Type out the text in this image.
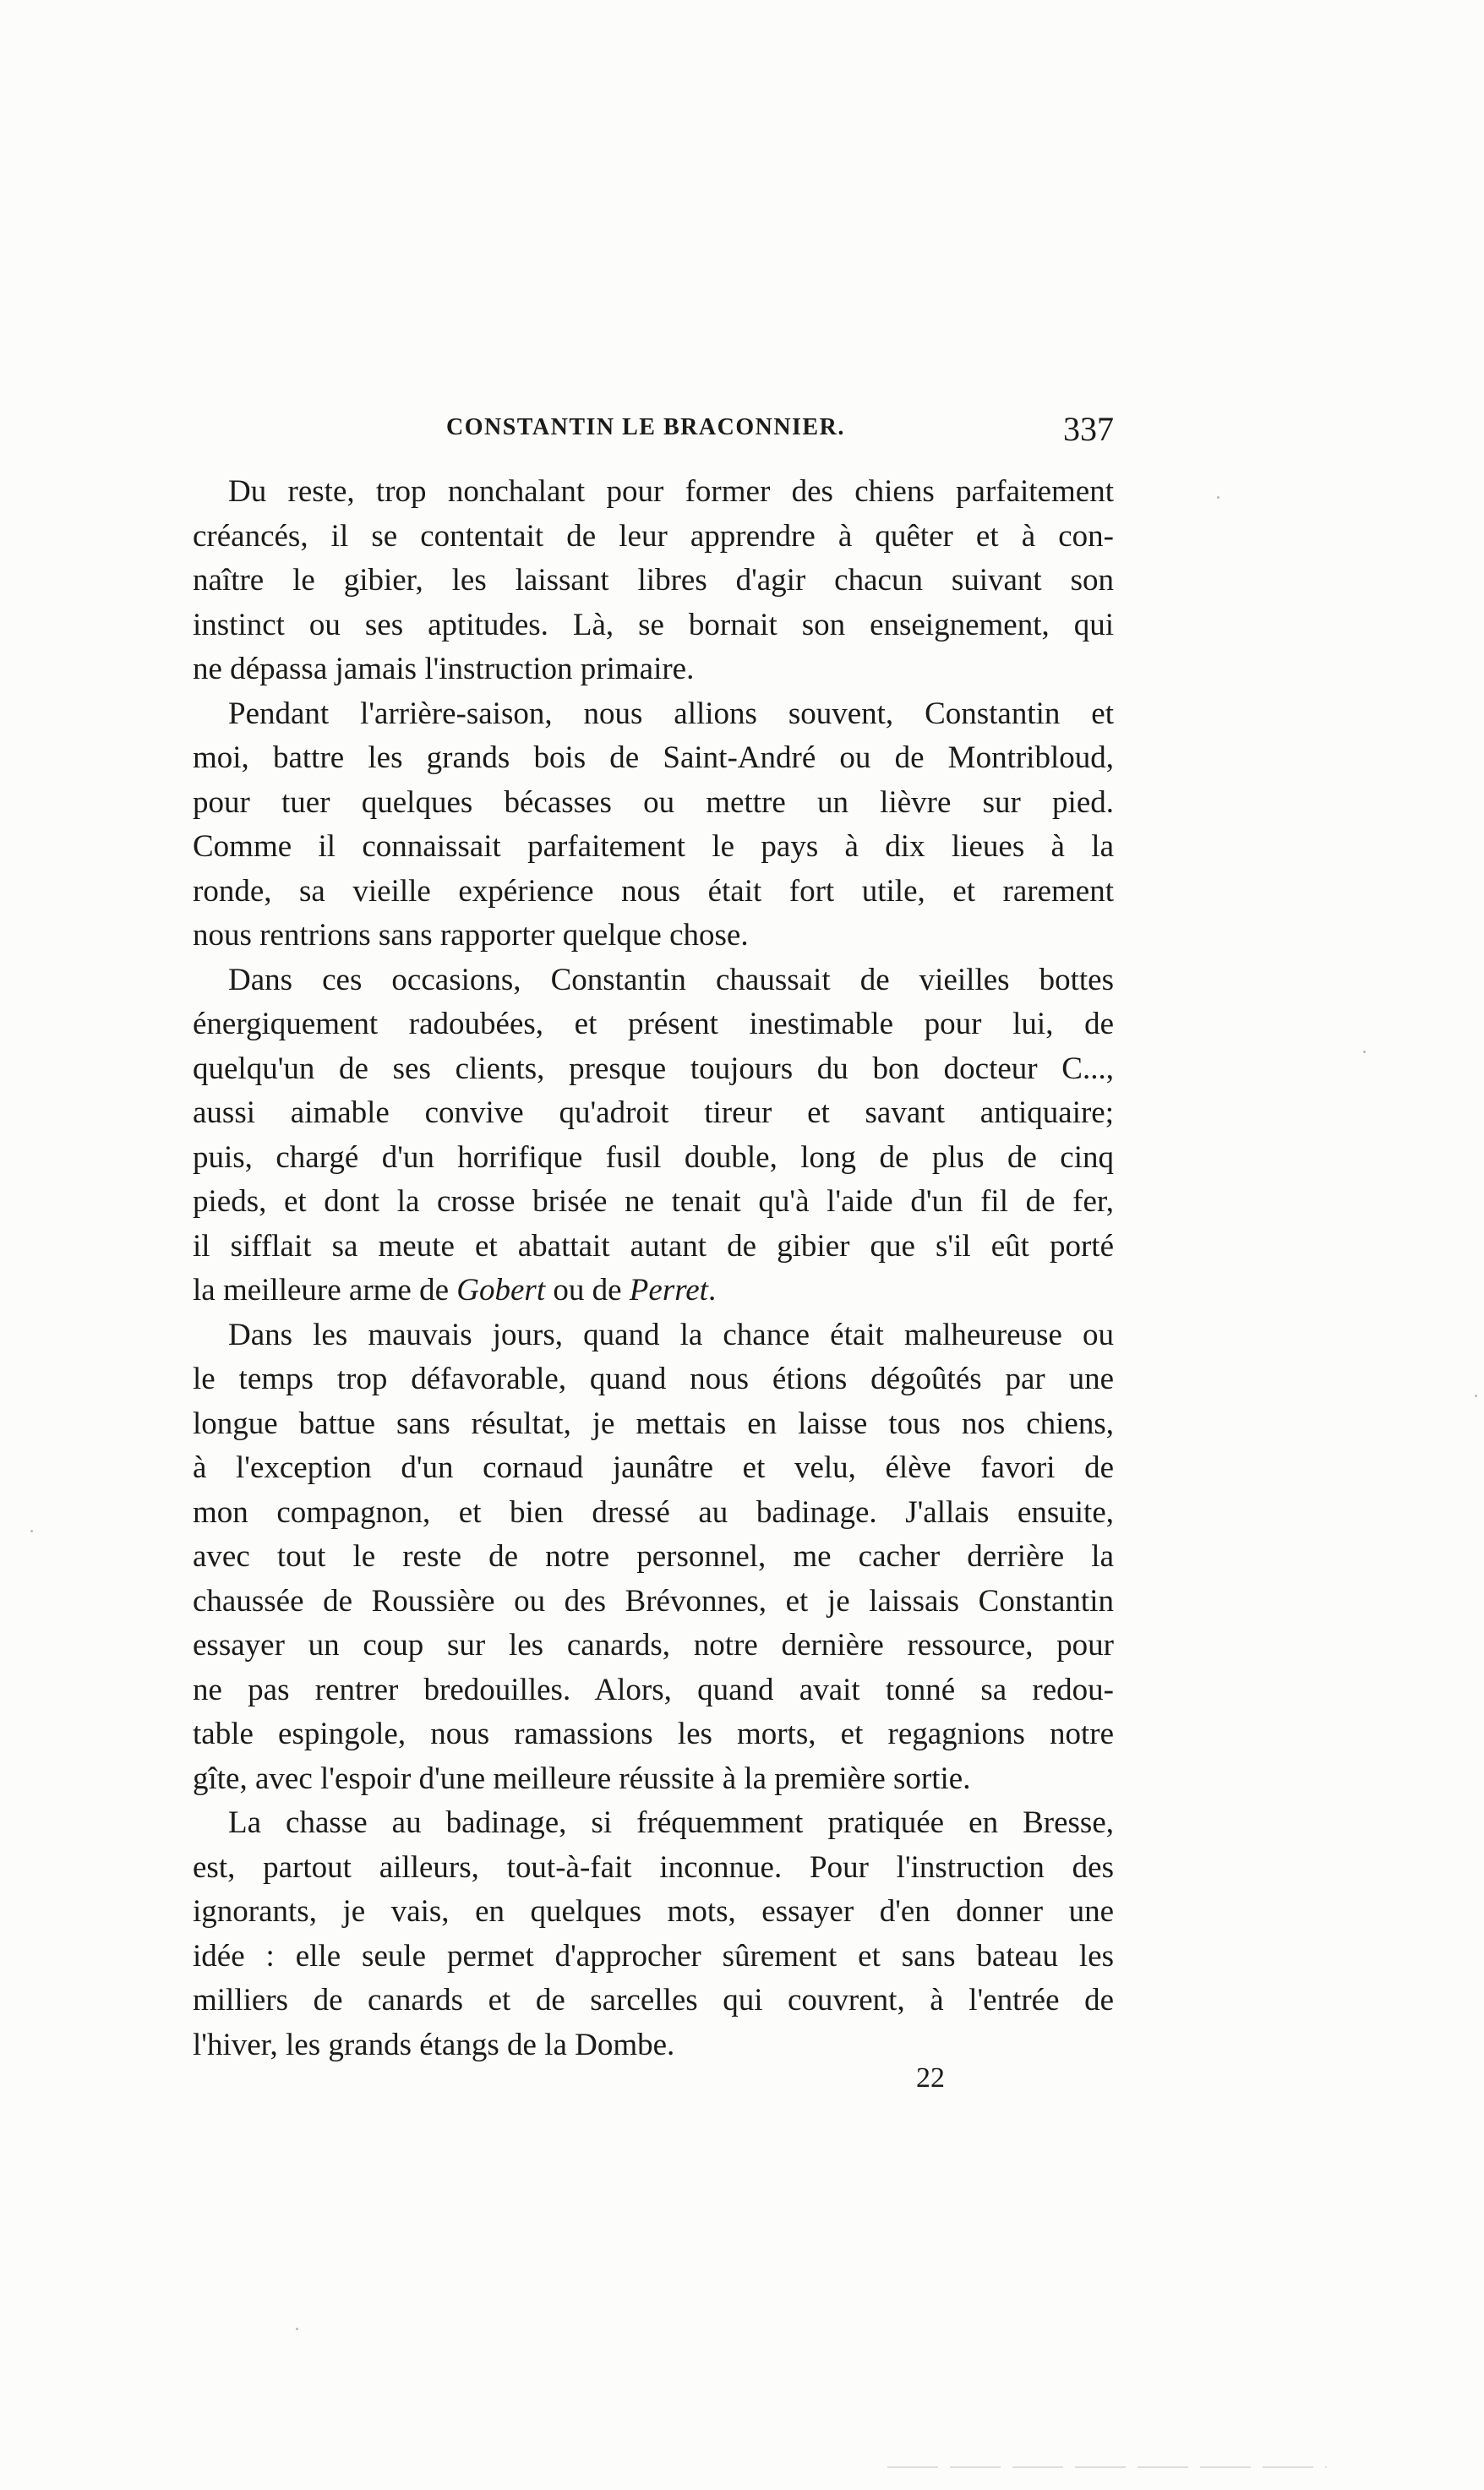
CONSTANTIN LE BRACONNIER.	337
Du reste, trop nonchalant pour former des chiens parfaitement
créancés, il se contentait de leur apprendre à quêter et à con-
naître le gibier, les laissant libres d'agir chacun suivant son
instinct ou ses aptitudes. Là, se bornait son enseignement, qui
ne dépassa jamais l'instruction primaire.
Pendant l'arrière-saison, nous allions souvent, Constantin et
moi, battre les grands bois de Saint-André ou de Montribloud,
pour tuer quelques bécasses ou mettre un lièvre sur pied.
Comme il connaissait parfaitement le pays à dix lieues à la
ronde, sa vieille expérience nous était fort utile, et rarement
nous rentrions sans rapporter quelque chose.
Dans ces occasions, Constantin chaussait de vieilles bottes
énergiquement radoubées, et présent inestimable pour lui, de
quelqu'un de ses clients, presque toujours du bon docteur C...,
aussi aimable convive qu'adroit tireur et savant antiquaire;
puis, chargé d'un horrifique fusil double, long de plus de cinq
pieds, et dont la crosse brisée ne tenait qu'à l'aide d'un fil de fer,
il sifflait sa meute et abattait autant de gibier que s'il eût porté
la meilleure arme de Gobert ou de Perret.
Dans les mauvais jours, quand la chance était malheureuse ou
le temps trop défavorable, quand nous étions dégoûtés par une
longue battue sans résultat, je mettais en laisse tous nos chiens,
à l'exception d'un cornaud jaunâtre et velu, élève favori de
mon compagnon, et bien dressé au badinage. J'allais ensuite,
avec tout le reste de notre personnel, me cacher derrière la
chaussée de Roussière ou des Brévonnes, et je laissais Constantin
essayer un coup sur les canards, notre dernière ressource, pour
ne pas rentrer bredouilles. Alors, quand avait tonné sa redou-
table espingole, nous ramassions les morts, et regagnions notre
gîte, avec l'espoir d'une meilleure réussite à la première sortie.
La chasse au badinage, si fréquemment pratiquée en Bresse,
est, partout ailleurs, tout-à-fait inconnue. Pour l'instruction des
ignorants, je vais, en quelques mots, essayer d'en donner une
idée : elle seule permet d'approcher sûrement et sans bateau les
milliers de canards et de sarcelles qui couvrent, à l'entrée de
l'hiver, les grands étangs de la Dombe.
22
